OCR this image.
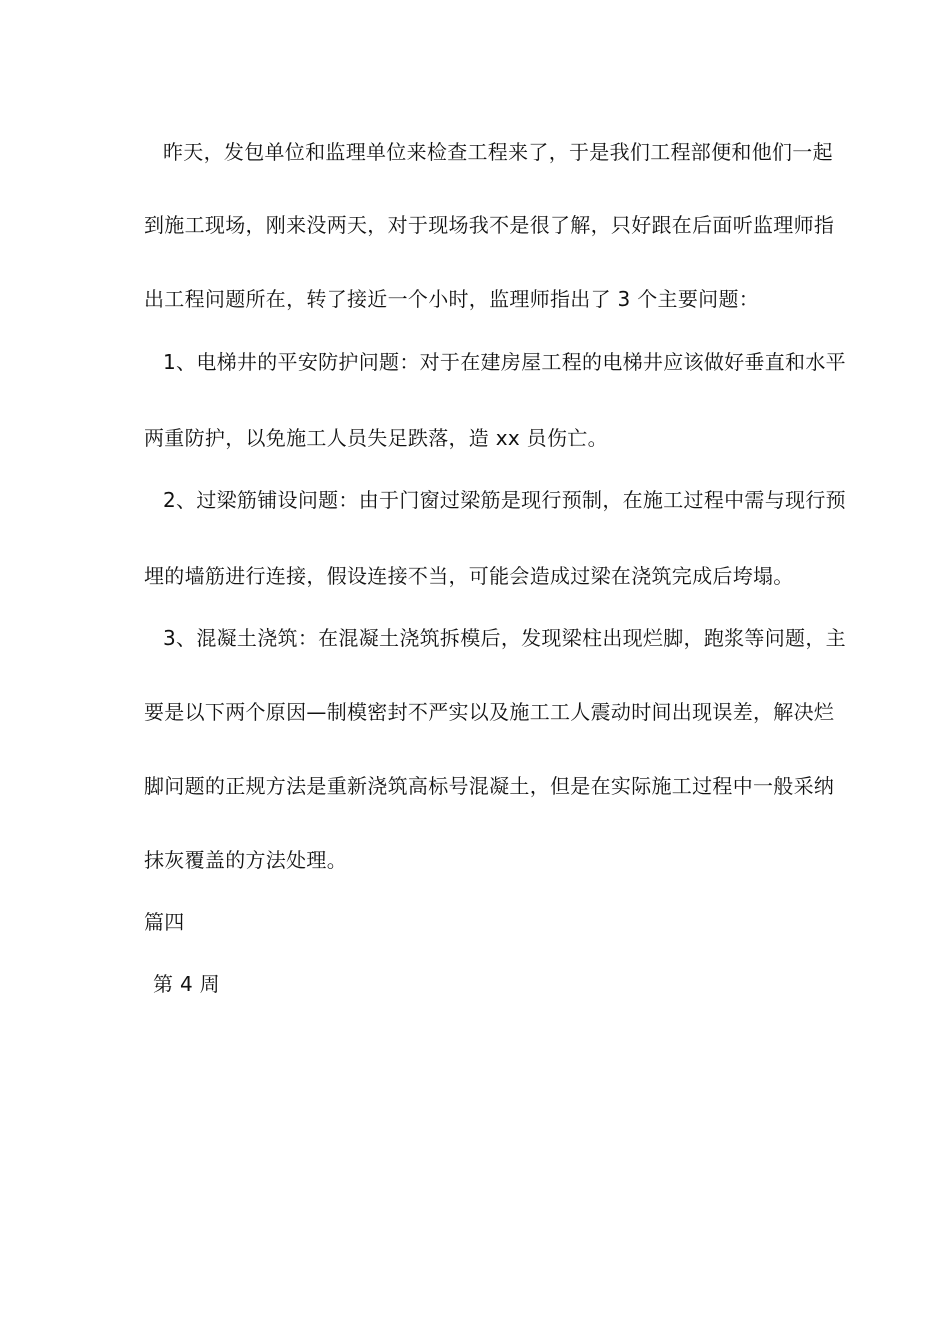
昨天，发包单位和监理单位来检查工程来了，于是我们工程部便和他们一起
到施工现场，刚来没两天，对于现场我不是很了解，只好跟在后面听监理师指
出工程问题所在，转了接近一个小时，监理师指出了 3 个主要问题：
1、电梯井的平安防护问题：对于在建房屋工程的电梯井应该做好垂直和水平
两重防护，以免施工人员失足跌落，造 xx 员伤亡。
2、过梁筋铺设问题：由于门窗过梁筋是现行预制，在施工过程中需与现行预
埋的墙筋进行连接，假设连接不当，可能会造成过梁在浇筑完成后垮塌。
3、混凝土浇筑：在混凝土浇筑拆模后，发现梁柱出现烂脚，跑浆等问题，主
要是以下两个原因—制模密封不严实以及施工工人震动时间出现误差，解决烂
脚问题的正规方法是重新浇筑高标号混凝土，但是在实际施工过程中一般采纳
抹灰覆盖的方法处理。
篇四
第 4 周
